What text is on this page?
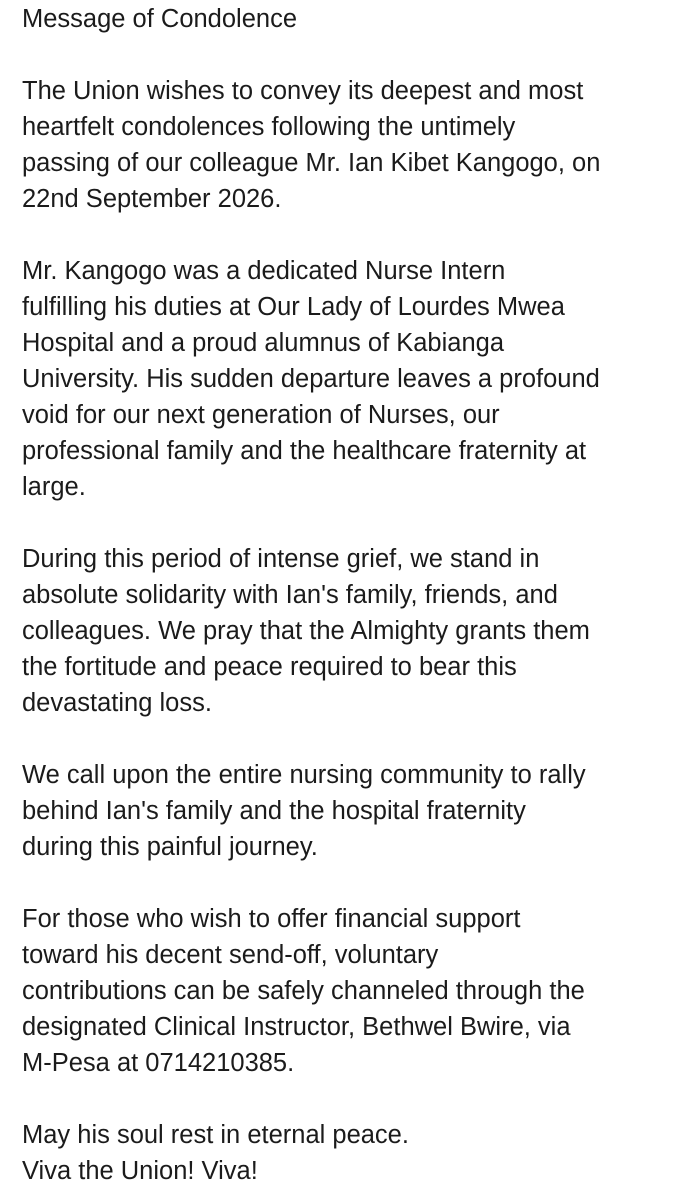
Message of Condolence

The Union wishes to convey its deepest and most
heartfelt condolences following the untimely
passing of our colleague Mr. Ian Kibet Kangogo, on
22nd September 2026.

Mr. Kangogo was a dedicated Nurse Intern
fulfilling his duties at Our Lady of Lourdes Mwea
Hospital and a proud alumnus of Kabianga
University. His sudden departure leaves a profound
void for our next generation of Nurses, our
professional family and the healthcare fraternity at
large.

During this period of intense grief, we stand in
absolute solidarity with Ian's family, friends, and
colleagues. We pray that the Almighty grants them
the fortitude and peace required to bear this
devastating loss.

We call upon the entire nursing community to rally
behind Ian's family and the hospital fraternity
during this painful journey.

For those who wish to offer financial support
toward his decent send-off, voluntary
contributions can be safely channeled through the
designated Clinical Instructor, Bethwel Bwire, via
M-Pesa at 0714210385.

May his soul rest in eternal peace.
Viva the Union! Viva!
